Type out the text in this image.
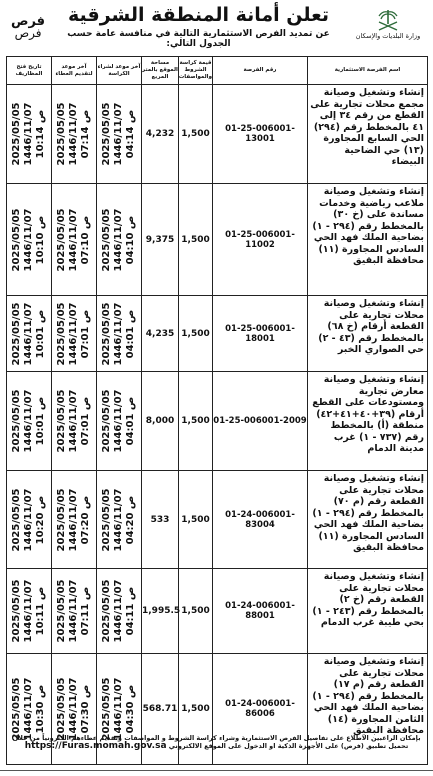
ﻓﺮﺹ
فرص
تعلن أمانة المنطقة الشرقية
عن تمديد الفرص الاستثمارية التالية في منافسة عامة حسب الجدول التالي:
وزارة البلديات والإسكان
اسم الفرصة الاستثمارية	رقم الفرصة	قيمة كراسة الشروط والمواصفات	مساحة الموقع بالمتر المربع	آخر موعد لشراء الكراسة	آخر موعد لتقديم العطاء	تاريخ فتح المظاريف
إنشاء وتشغيل وصيانة مجمع محلات تجارية على القطع من رقم ٣٤ إلى ٤١ بالمخطط رقم (٢٩٤) الحي السابع المجاورة (١٣) حي الضاحية البيضاء	01-25-006001-13001	1,500	4,232	2025/05/05
1446/11/07
04:14 ص	2025/05/05
1446/11/07
07:14 ص	2025/05/05
1446/11/07
10:14 ص

إنشاء وتشغيل وصيانة ملاعب رياضية وخدمات مساندة على (خ ٣٠) بالمخطط رقم (٢٩٤ - ١) بضاحية الملك فهد الحي السادس المجاورة (١١) محافظة البقيق	01-25-006001-11002	1,500	9,375	2025/05/05
1446/11/07
04:10 ص	2025/05/05
1446/11/07
07:10 ص	2025/05/05
1446/11/07
10:10 ص

إنشاء وتشغيل وصيانة محلات تجارية على القطعة أرقام (خ ٦٨) بالمخطط رقم (٤٣ - ٢) حي الصواري الخبر	01-25-006001-18001	1,500	4,235	2025/05/05
1446/11/07
04:01 ص	2025/05/05
1446/11/07
07:01 ص	2025/05/05
1446/11/07
10:01 ص

إنشاء وتشغيل وصيانة معارض تجارية ومستودعات على القطع أرقام (٣٩+٤٠+٤١+٤٢) منطقة (أ) بالمخطط رقم (٧٣٧ - ١) غرب مدينة الدمام	01-25-006001-2009	1,500	8,000	2025/05/05
1446/11/07
04:01 ص	2025/05/05
1446/11/07
07:01 ص	2025/05/05
1446/11/07
10:01 ص

إنشاء وتشغيل وصيانة محلات تجارية على القطعة رقم (م ٧٠) بالمخطط رقم (٢٩٤ - ١) بضاحية الملك فهد الحي السادس المجاورة (١١) محافظة البقيق	01-24-006001-83004	1,500	533	2025/05/05
1446/11/07
04:20 ص	2025/05/05
1446/11/07
07:20 ص	2025/05/05
1446/11/07
10:20 ص

إنشاء وتشغيل وصيانة محلات تجارية على القطعة رقم (خ ٢) بالمخطط رقم (٢٤٣ - ١) بحي طيبة غرب الدمام	01-24-006001-88001	1,500	1,995.5	2025/05/05
1446/11/07
04:11 ص	2025/05/05
1446/11/07
07:11 ص	2025/05/05
1446/11/07
10:11 ص

إنشاء وتشغيل وصيانة محلات تجارية على القطعة رقم (م ١٧) بالمخطط رقم (٢٩٤ - ١) بضاحية الملك فهد الحي الثامن المجاورة (١٤) محافظة البقيق	01-24-006001-86006	1,500	568.71	2025/05/05
1446/11/07
04:30 ص	2025/05/05
1446/11/07
07:30 ص	2025/05/05
1446/11/07
10:30 ص
بإمكان الراغبين الاطلاع على تفاصيل الفرص الاستثمارية وشراء كراسة الشروط و المواصفات وتقديم عطاءهم الكترونياً من خلال
تحميل تطبيق (فرص) على الأجهزة الذكية او الدخول على الموقع الالكتروني https://Furas.momah.gov.sa
